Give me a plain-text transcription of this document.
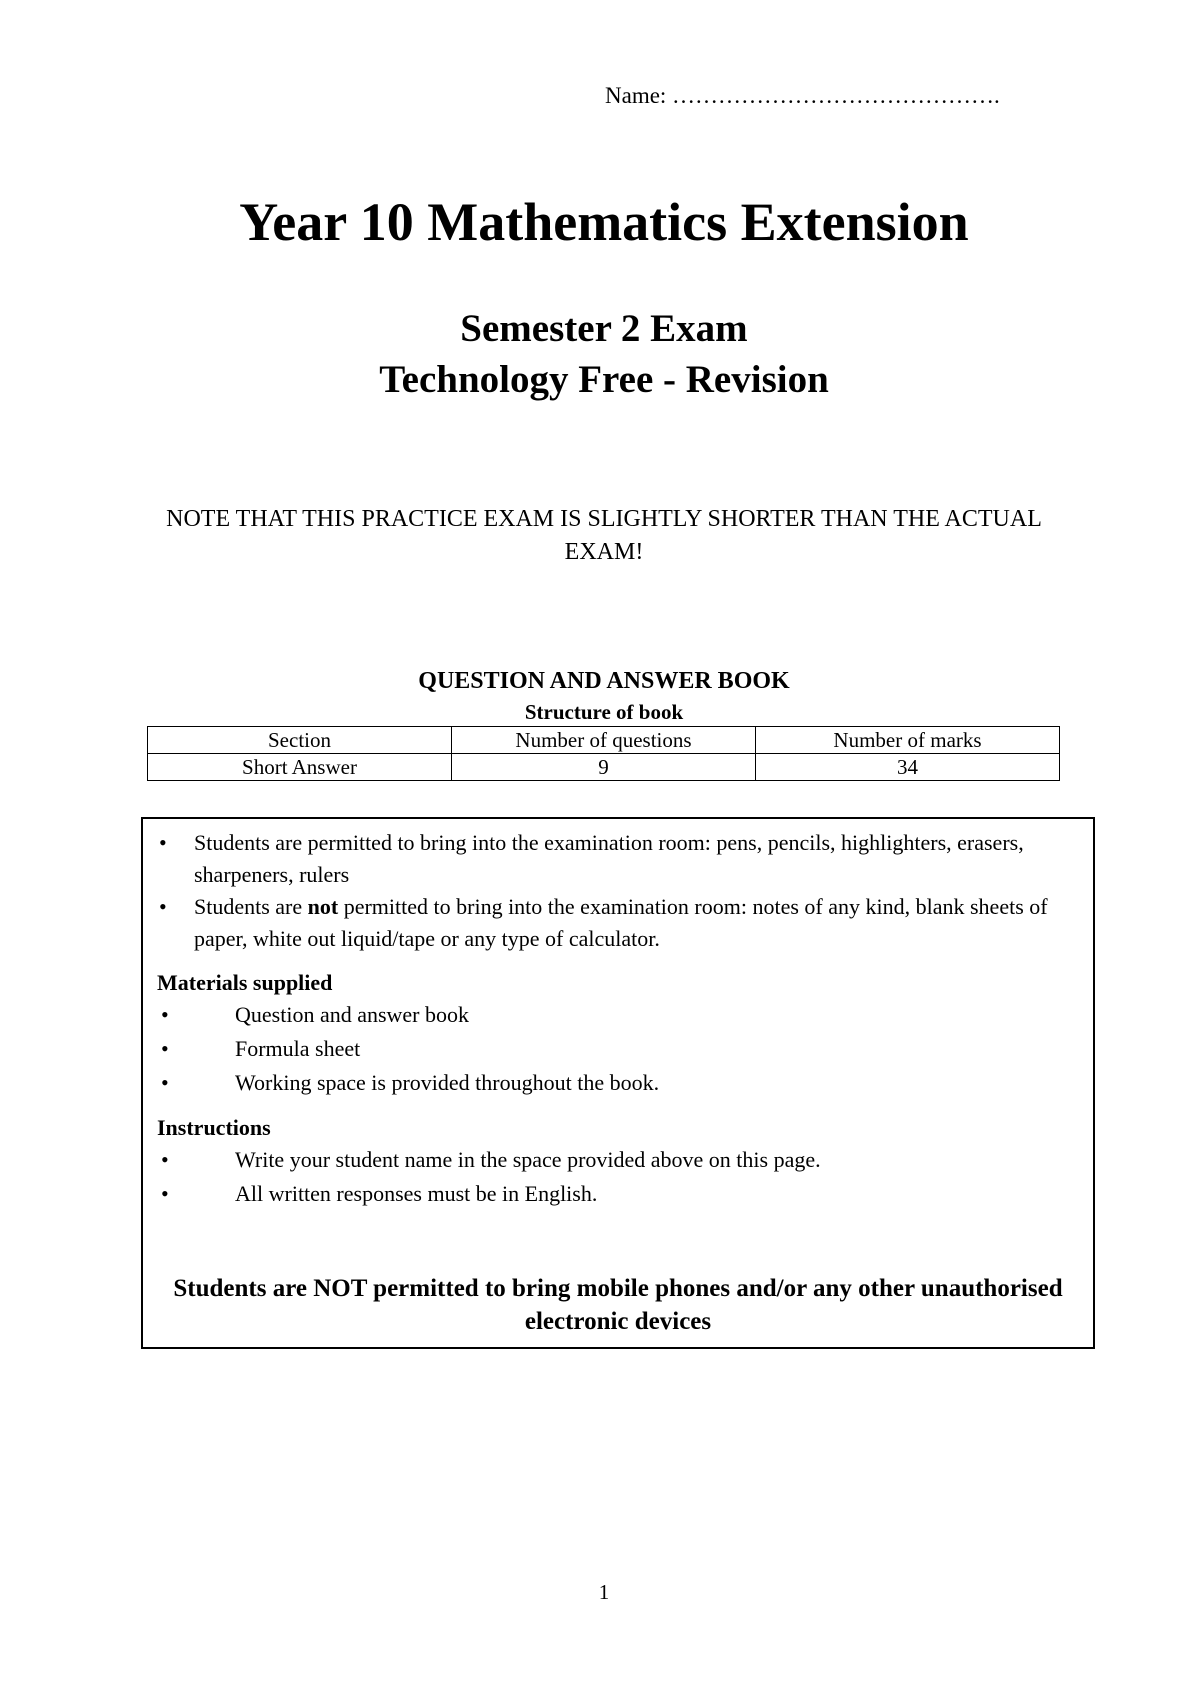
Name: …………………………………….
Year 10 Mathematics Extension
Semester 2 Exam
Technology Free - Revision
NOTE THAT THIS PRACTICE EXAM IS SLIGHTLY SHORTER THAN THE ACTUAL EXAM!
QUESTION AND ANSWER BOOK
Structure of book
Section	Number of questions	Number of marks
Short Answer	9	34
• Students are permitted to bring into the examination room: pens, pencils, highlighters, erasers, sharpeners, rulers
• Students are not permitted to bring into the examination room: notes of any kind, blank sheets of paper, white out liquid/tape or any type of calculator.
Materials supplied
•	Question and answer book
•	Formula sheet
•	Working space is provided throughout the book.
Instructions
•	Write your student name in the space provided above on this page.
•	All written responses must be in English.
Students are NOT permitted to bring mobile phones and/or any other unauthorised electronic devices
1
